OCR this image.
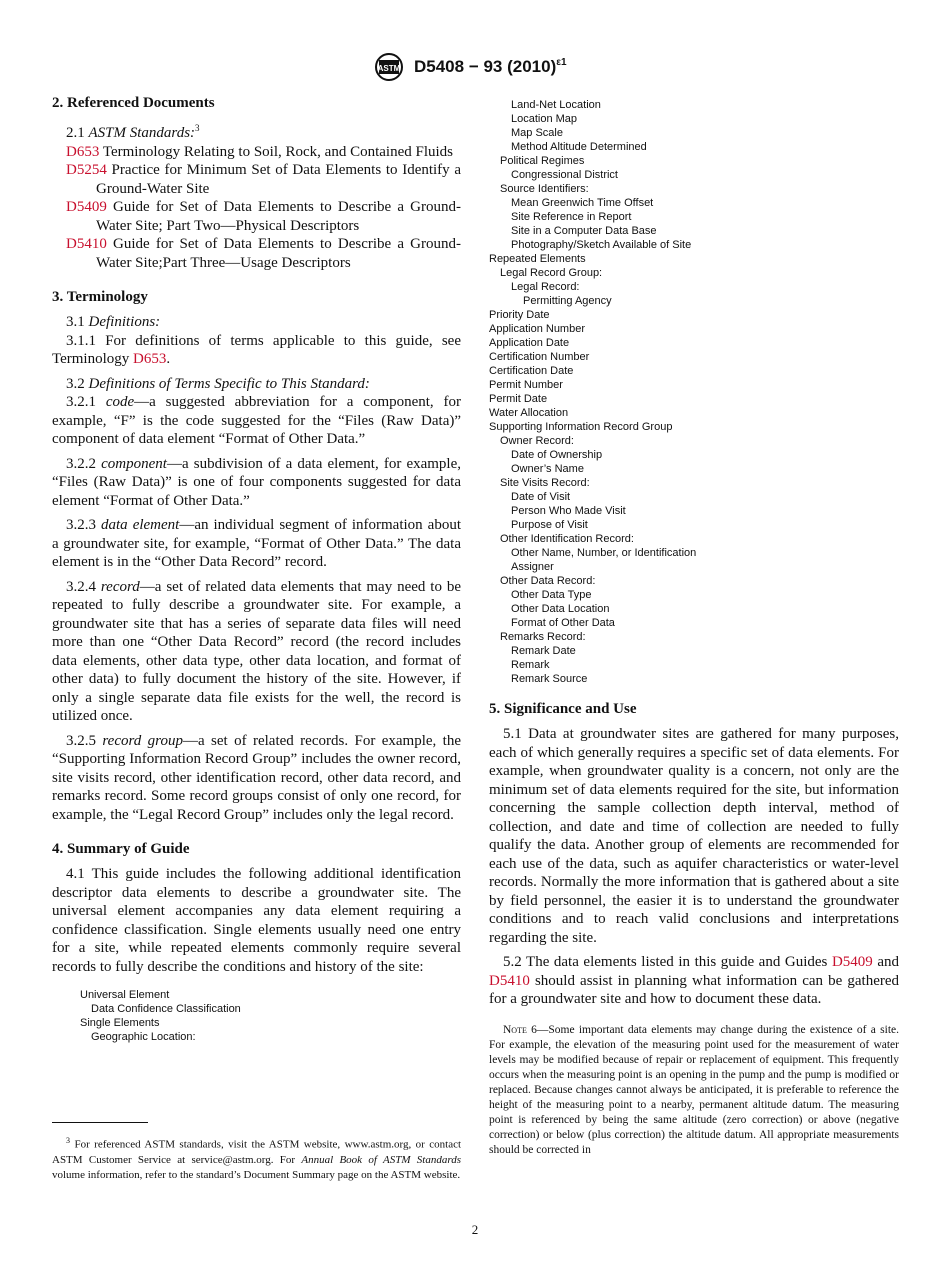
ASTM D5408 − 93 $(2010)^{\varepsilon 1}$
2. Referenced Documents
2.1 ASTM Standards:$^3$
D653 Terminology Relating to Soil, Rock, and Contained Fluids
D5254 Practice for Minimum Set of Data Elements to Identify a Ground-Water Site
D5409 Guide for Set of Data Elements to Describe a Ground-Water Site; Part Two—Physical Descriptors
D5410 Guide for Set of Data Elements to Describe a Ground-Water Site;Part Three—Usage Descriptors
3. Terminology
3.1 Definitions:
3.1.1 For definitions of terms applicable to this guide, see Terminology D653.
3.2 Definitions of Terms Specific to This Standard:
3.2.1 code—a suggested abbreviation for a component, for example, “F” is the code suggested for the “Files (Raw Data)” component of data element “Format of Other Data.”
3.2.2 component—a subdivision of a data element, for example, “Files (Raw Data)” is one of four components suggested for data element “Format of Other Data.”
3.2.3 data element—an individual segment of information about a groundwater site, for example, “Format of Other Data.” The data element is in the “Other Data Record” record.
3.2.4 record—a set of related data elements that may need to be repeated to fully describe a groundwater site. For example, a groundwater site that has a series of separate data files will need more than one “Other Data Record” record (the record includes data elements, other data type, other data location, and format of other data) to fully document the history of the site. However, if only a single separate data file exists for the well, the record is utilized once.
3.2.5 record group—a set of related records. For example, the “Supporting Information Record Group” includes the owner record, site visits record, other identification record, other data record, and remarks record. Some record groups consist of only one record, for example, the “Legal Record Group” includes only the legal record.
4. Summary of Guide
4.1 This guide includes the following additional identification descriptor data elements to describe a groundwater site. The universal element accompanies any data element requiring a confidence classification. Single elements usually need one entry for a site, while repeated elements commonly require several records to fully describe the conditions and history of the site:
Universal Element
Data Confidence Classification
Single Elements
Geographic Location:
$^3$ For referenced ASTM standards, visit the ASTM website, www.astm.org, or contact ASTM Customer Service at service@astm.org. For Annual Book of ASTM Standards volume information, refer to the standard’s Document Summary page on the ASTM website.
Land-Net Location
Location Map
Map Scale
Method Altitude Determined
Political Regimes
Congressional District
Source Identifiers:
Mean Greenwich Time Offset
Site Reference in Report
Site in a Computer Data Base
Photography/Sketch Available of Site
Repeated Elements
Legal Record Group:
Legal Record:
Permitting Agency
Priority Date
Application Number
Application Date
Certification Number
Certification Date
Permit Number
Permit Date
Water Allocation
Supporting Information Record Group
Owner Record:
Date of Ownership
Owner’s Name
Site Visits Record:
Date of Visit
Person Who Made Visit
Purpose of Visit
Other Identification Record:
Other Name, Number, or Identification
Assigner
Other Data Record:
Other Data Type
Other Data Location
Format of Other Data
Remarks Record:
Remark Date
Remark
Remark Source
5. Significance and Use
5.1 Data at groundwater sites are gathered for many purposes, each of which generally requires a specific set of data elements. For example, when groundwater quality is a concern, not only are the minimum set of data elements required for the site, but information concerning the sample collection depth interval, method of collection, and date and time of collection are needed to fully qualify the data. Another group of elements are recommended for each use of the data, such as aquifer characteristics or water-level records. Normally the more information that is gathered about a site by field personnel, the easier it is to understand the groundwater conditions and to reach valid conclusions and interpretations regarding the site.
5.2 The data elements listed in this guide and Guides D5409 and D5410 should assist in planning what information can be gathered for a groundwater site and how to document these data.
Note 6—Some important data elements may change during the existence of a site. For example, the elevation of the measuring point used for the measurement of water levels may be modified because of repair or replacement of equipment. This frequently occurs when the measuring point is an opening in the pump and the pump is modified or replaced. Because changes cannot always be anticipated, it is preferable to reference the height of the measuring point to a nearby, permanent altitude datum. The measuring point is referenced by being the same altitude (zero correction) or above (negative correction) or below (plus correction) the altitude datum. All appropriate measurements should be corrected in
2
